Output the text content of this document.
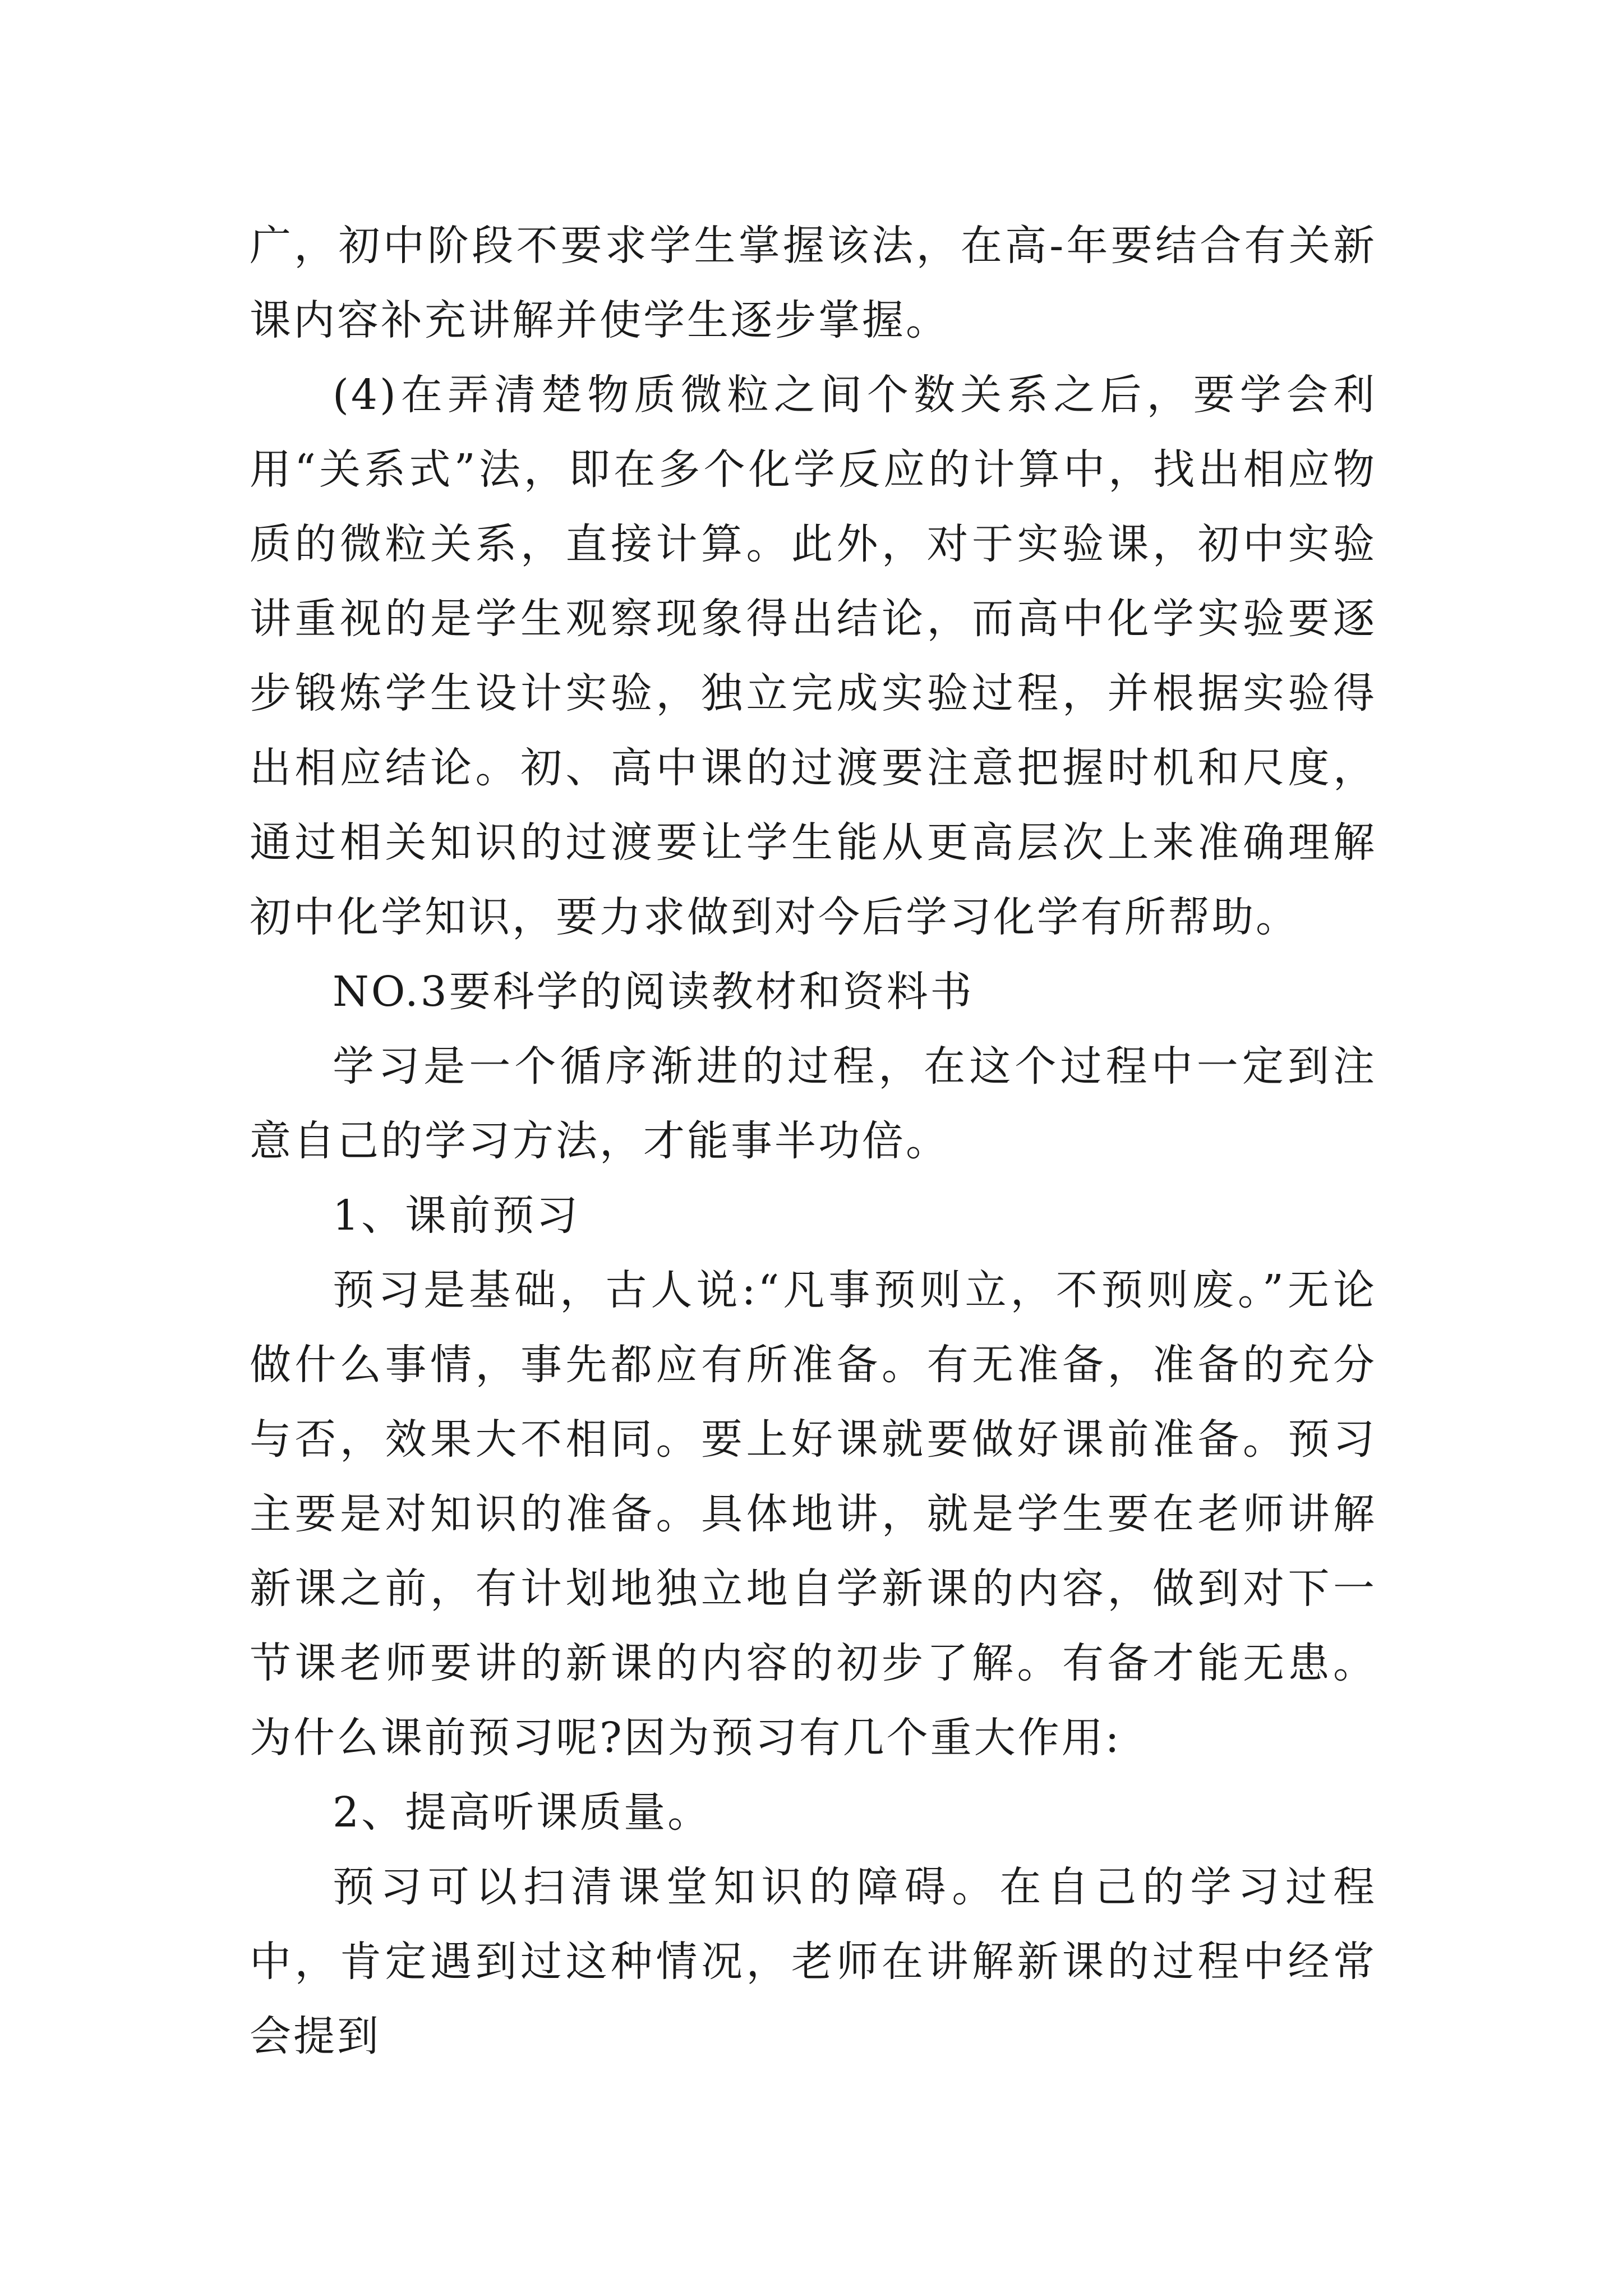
广，初中阶段不要求学生掌握该法，在高-年要结合有关新课内容补充讲解并使学生逐步掌握。

(4)在弄清楚物质微粒之间个数关系之后，要学会利用“关系式”法，即在多个化学反应的计算中，找出相应物质的微粒关系，直接计算。此外，对于实验课，初中实验讲重视的是学生观察现象得出结论，而高中化学实验要逐步锻炼学生设计实验，独立完成实验过程，并根据实验得出相应结论。初、高中课的过渡要注意把握时机和尺度，通过相关知识的过渡要让学生能从更高层次上来准确理解初中化学知识，要力求做到对今后学习化学有所帮助。

NO.3要科学的阅读教材和资料书

学习是一个循序渐进的过程，在这个过程中一定到注意自己的学习方法，才能事半功倍。

1、课前预习

预习是基础，古人说:“凡事预则立，不预则废。”无论做什么事情，事先都应有所准备。有无准备，准备的充分与否，效果大不相同。要上好课就要做好课前准备。预习主要是对知识的准备。具体地讲，就是学生要在老师讲解新课之前，有计划地独立地自学新课的内容，做到对下一节课老师要讲的新课的内容的初步了解。有备才能无患。为什么课前预习呢?因为预习有几个重大作用:

2、提高听课质量。

预习可以扫清课堂知识的障碍。在自己的学习过程中，肯定遇到过这种情况，老师在讲解新课的过程中经常会提到
